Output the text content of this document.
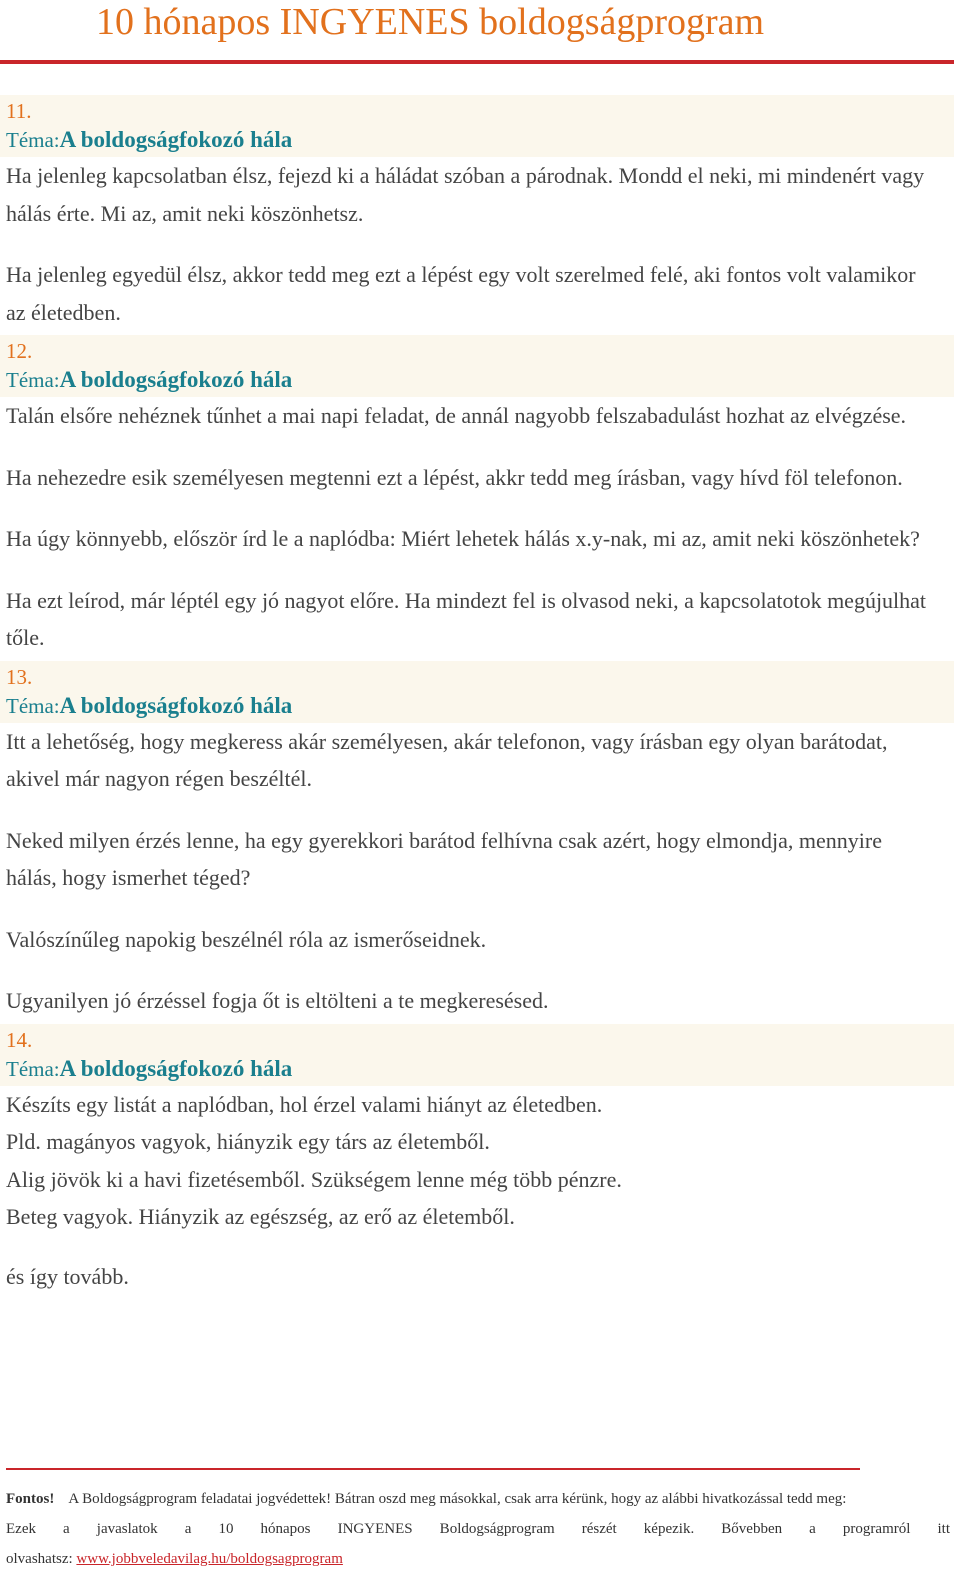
10 hónapos INGYENES boldogságprogram
11.
Téma:A boldogságfokozó hála

Ha jelenleg kapcsolatban élsz, fejezd ki a háládat szóban a párodnak. Mondd el neki, mi mindenért vagy hálás érte. Mi az, amit neki köszönhetsz.

Ha jelenleg egyedül élsz, akkor tedd meg ezt a lépést egy volt szerelmed felé, aki fontos volt valamikor az életedben.

12.
Téma:A boldogságfokozó hála

Talán elsőre nehéznek tűnhet a mai napi feladat, de annál nagyobb felszabadulást hozhat az elvégzése.

Ha nehezedre esik személyesen megtenni ezt a lépést, akkr tedd meg írásban, vagy hívd föl telefonon.

Ha úgy könnyebb, először írd le a naplódba: Miért lehetek hálás x.y-nak, mi az, amit neki köszönhetek?

Ha ezt leírod, már léptél egy jó nagyot előre. Ha mindezt fel is olvasod neki, a kapcsolatotok megújulhat tőle.

13.
Téma:A boldogságfokozó hála

Itt a lehetőség, hogy megkeress akár személyesen, akár telefonon, vagy írásban egy olyan barátodat, akivel már nagyon régen beszéltél.

Neked milyen érzés lenne, ha egy gyerekkori barátod felhívna csak azért, hogy elmondja, mennyire hálás, hogy ismerhet téged?

Valószínűleg napokig beszélnél róla az ismerőseidnek.

Ugyanilyen jó érzéssel fogja őt is eltölteni a te megkeresésed.

14.
Téma:A boldogságfokozó hála

Készíts egy listát a naplódban, hol érzel valami hiányt az életedben.

Pld. magányos vagyok, hiányzik egy társ az életemből.

Alig jövök ki a havi fizetésemből. Szükségem lenne még több pénzre.

Beteg vagyok. Hiányzik az egészség, az erő az életemből.

és így tovább.

Fontos! A Boldogságprogram feladatai jogvédettek! Bátran oszd meg másokkal, csak arra kérünk, hogy az alábbi hivatkozással tedd meg:
Ezek a javaslatok a 10 hónapos INGYENES Boldogságprogram részét képezik. Bővebben a programról itt
olvashatsz: www.jobbveledavilag.hu/boldogsagprogram
